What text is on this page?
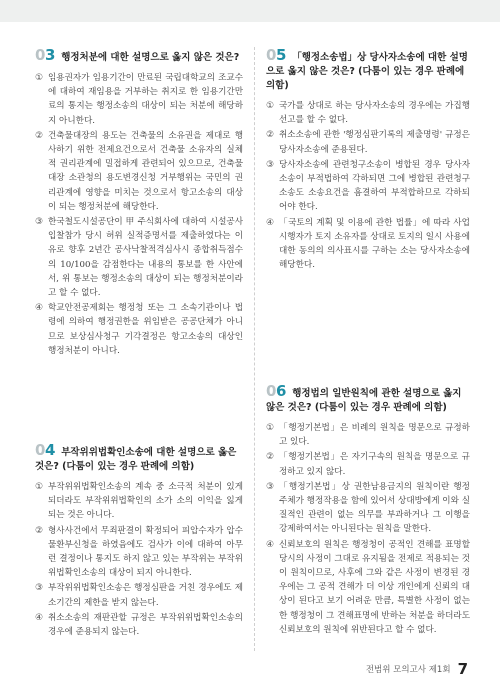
03 행정처분에 대한 설명으로 옳지 않은 것은?
① 임용권자가 임용기간이 만료된 국립대학교의 조교수에 대하여 재임용을 거부하는 취지로 한 임용기간만료의 통지는 행정소송의 대상이 되는 처분에 해당하지 아니한다.
② 건축물대장의 용도는 건축물의 소유권을 제대로 행사하기 위한 전제요건으로서 건축물 소유자의 실체적 권리관계에 밀접하게 관련되어 있으므로, 건축물대장 소관청의 용도변경신청 거부행위는 국민의 권리관계에 영향을 미치는 것으로서 항고소송의 대상이 되는 행정처분에 해당한다.
③ 한국철도시설공단이 甲 주식회사에 대하여 시설공사 입찰참가 당시 허위 실적증명서를 제출하였다는 이유로 향후 2년간 공사낙찰적격심사시 종합취득점수의 10/100을 감점한다는 내용의 통보를 한 사안에서, 위 통보는 행정소송의 대상이 되는 행정처분이라고 할 수 없다.
④ 학교안전공제회는 행정청 또는 그 소속기관이나 법령에 의하여 행정권한을 위임받은 공공단체가 아니므로 보상심사청구 기각결정은 항고소송의 대상인 행정처분이 아니다.
04 부작위위법확인소송에 대한 설명으로 옳은 것은? (다툼이 있는 경우 판례에 의함)
① 부작위위법확인소송의 계속 중 소극적 처분이 있게 되더라도 부작위위법확인의 소가 소의 이익을 잃게 되는 것은 아니다.
② 형사사건에서 무죄판결이 확정되어 피압수자가 압수물환부신청을 하였음에도 검사가 이에 대하여 아무런 결정이나 통지도 하지 않고 있는 부작위는 부작위위법확인소송의 대상이 되지 아니한다.
③ 부작위위법확인소송은 행정심판을 거친 경우에도 제소기간의 제한을 받지 않는다.
④ 취소소송의 재판관할 규정은 부작위위법확인소송의 경우에 준용되지 않는다.
05 「행정소송법」상 당사자소송에 대한 설명으로 옳지 않은 것은? (다툼이 있는 경우 판례에 의함)
① 국가를 상대로 하는 당사자소송의 경우에는 가집행선고를 할 수 없다.
② 취소소송에 관한 '행정심판기록의 제출명령' 규정은 당사자소송에 준용된다.
③ 당사자소송에 관련청구소송이 병합된 경우 당사자소송이 부적법하여 각하되면 그에 병합된 관련청구소송도 소송요건을 흠결하여 부적합하므로 각하되어야 한다.
④ 「국토의 계획 및 이용에 관한 법률」에 따라 사업시행자가 토지 소유자를 상대로 토지의 일시 사용에 대한 동의의 의사표시를 구하는 소는 당사자소송에 해당한다.
06 행정법의 일반원칙에 관한 설명으로 옳지 않은 것은? (다툼이 있는 경우 판례에 의함)
① 「행정기본법」은 비례의 원칙을 명문으로 규정하고 있다.
② 「행정기본법」은 자기구속의 원칙을 명문으로 규정하고 있지 않다.
③ 「행정기본법」상 권한남용금지의 원칙이란 행정주체가 행정작용을 함에 있어서 상대방에게 이와 실질적인 관련이 없는 의무를 부과하거나 그 이행을 강제하여서는 아니된다는 원칙을 말한다.
④ 신뢰보호의 원칙은 행정청이 공적인 견해를 표명할 당시의 사정이 그대로 유지됨을 전제로 적용되는 것이 원칙이므로, 사후에 그와 같은 사정이 변경된 경우에는 그 공적 견해가 더 이상 개인에게 신뢰의 대상이 된다고 보기 어려운 만큼, 특별한 사정이 없는 한 행정청이 그 견해표명에 반하는 처분을 하더라도 신뢰보호의 원칙에 위반된다고 할 수 없다.
전범위 모의고사 제1회 7
